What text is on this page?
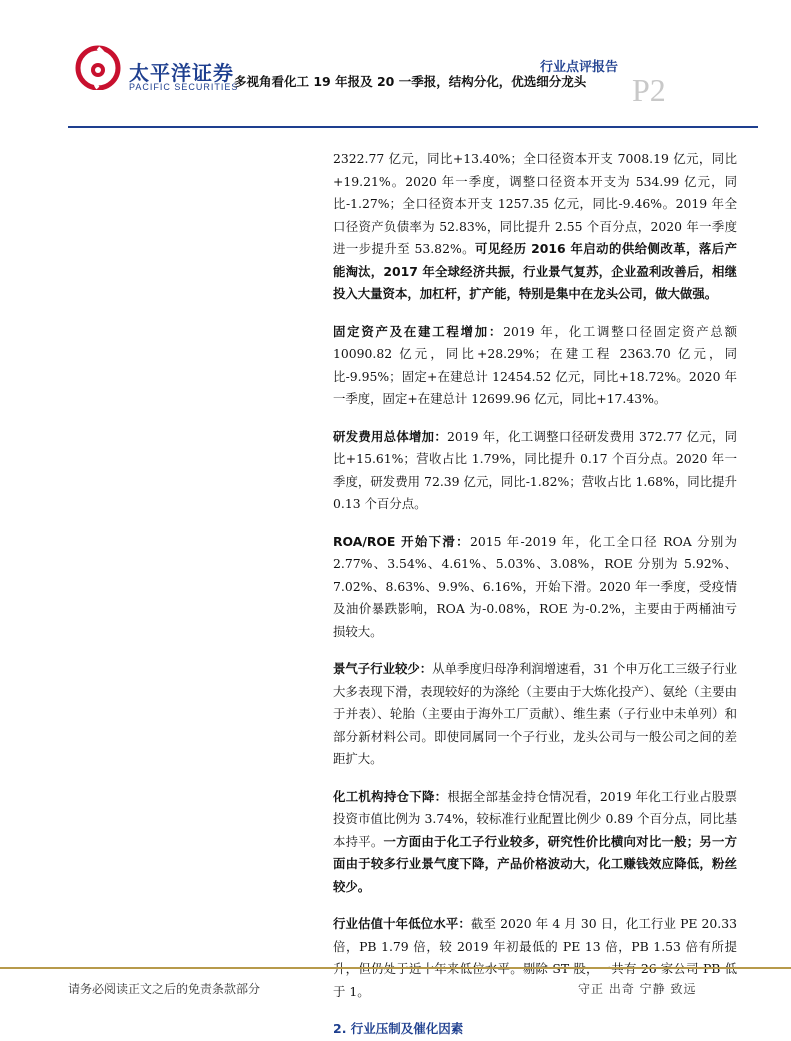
太平洋证券
PACIFIC SECURITIES
行业点评报告
多视角看化工 19 年报及 20 一季报，结构分化，优选细分龙头 P2

2322.77 亿元，同比+13.40%；全口径资本开支 7008.19 亿元，同比+19.21%。2020 年一季度，调整口径资本开支为 534.99 亿元，同比-1.27%；全口径资本开支 1257.35 亿元，同比-9.46%。2019 年全口径资产负债率为 52.83%，同比提升 2.55 个百分点，2020 年一季度进一步提升至 53.82%。可见经历 2016 年启动的供给侧改革，落后产能淘汰，2017 年全球经济共振，行业景气复苏，企业盈利改善后，相继投入大量资本，加杠杆，扩产能，特别是集中在龙头公司，做大做强。

固定资产及在建工程增加：2019 年，化工调整口径固定资产总额 10090.82 亿元，同比+28.29%；在建工程 2363.70 亿元，同比-9.95%；固定+在建总计 12454.52 亿元，同比+18.72%。2020 年一季度，固定+在建总计 12699.96 亿元，同比+17.43%。

研发费用总体增加：2019 年，化工调整口径研发费用 372.77 亿元，同比+15.61%；营收占比 1.79%，同比提升 0.17 个百分点。2020 年一季度，研发费用 72.39 亿元，同比-1.82%；营收占比 1.68%，同比提升 0.13 个百分点。

ROA/ROE 开始下滑：2015 年-2019 年，化工全口径 ROA 分别为 2.77%、3.54%、4.61%、5.03%、3.08%，ROE 分别为 5.92%、7.02%、8.63%、9.9%、6.16%，开始下滑。2020 年一季度，受疫情及油价暴跌影响，ROA 为-0.08%，ROE 为-0.2%，主要由于两桶油亏损较大。

景气子行业较少：从单季度归母净利润增速看，31 个申万化工三级子行业大多表现下滑，表现较好的为涤纶（主要由于大炼化投产）、氨纶（主要由于并表）、轮胎（主要由于海外工厂贡献）、维生素（子行业中未单列）和部分新材料公司。即使同属同一个子行业，龙头公司与一般公司之间的差距扩大。

化工机构持仓下降：根据全部基金持仓情况看，2019 年化工行业占股票投资市值比例为 3.74%，较标准行业配置比例少 0.89 个百分点，同比基本持平。一方面由于化工子行业较多，研究性价比横向对比一般；另一方面由于较多行业景气度下降，产品价格波动大，化工赚钱效应降低，粉丝较少。

行业估值十年低位水平：截至 2020 年 4 月 30 日，化工行业 PE 20.33 倍，PB 1.79 倍，较 2019 年初最低的 PE 13 倍，PB 1.53 倍有所提 于 1。

2. 行业压制及催化因素
请务必阅读正文之后的免责条款部分	守正 出奇 宁静 致远
